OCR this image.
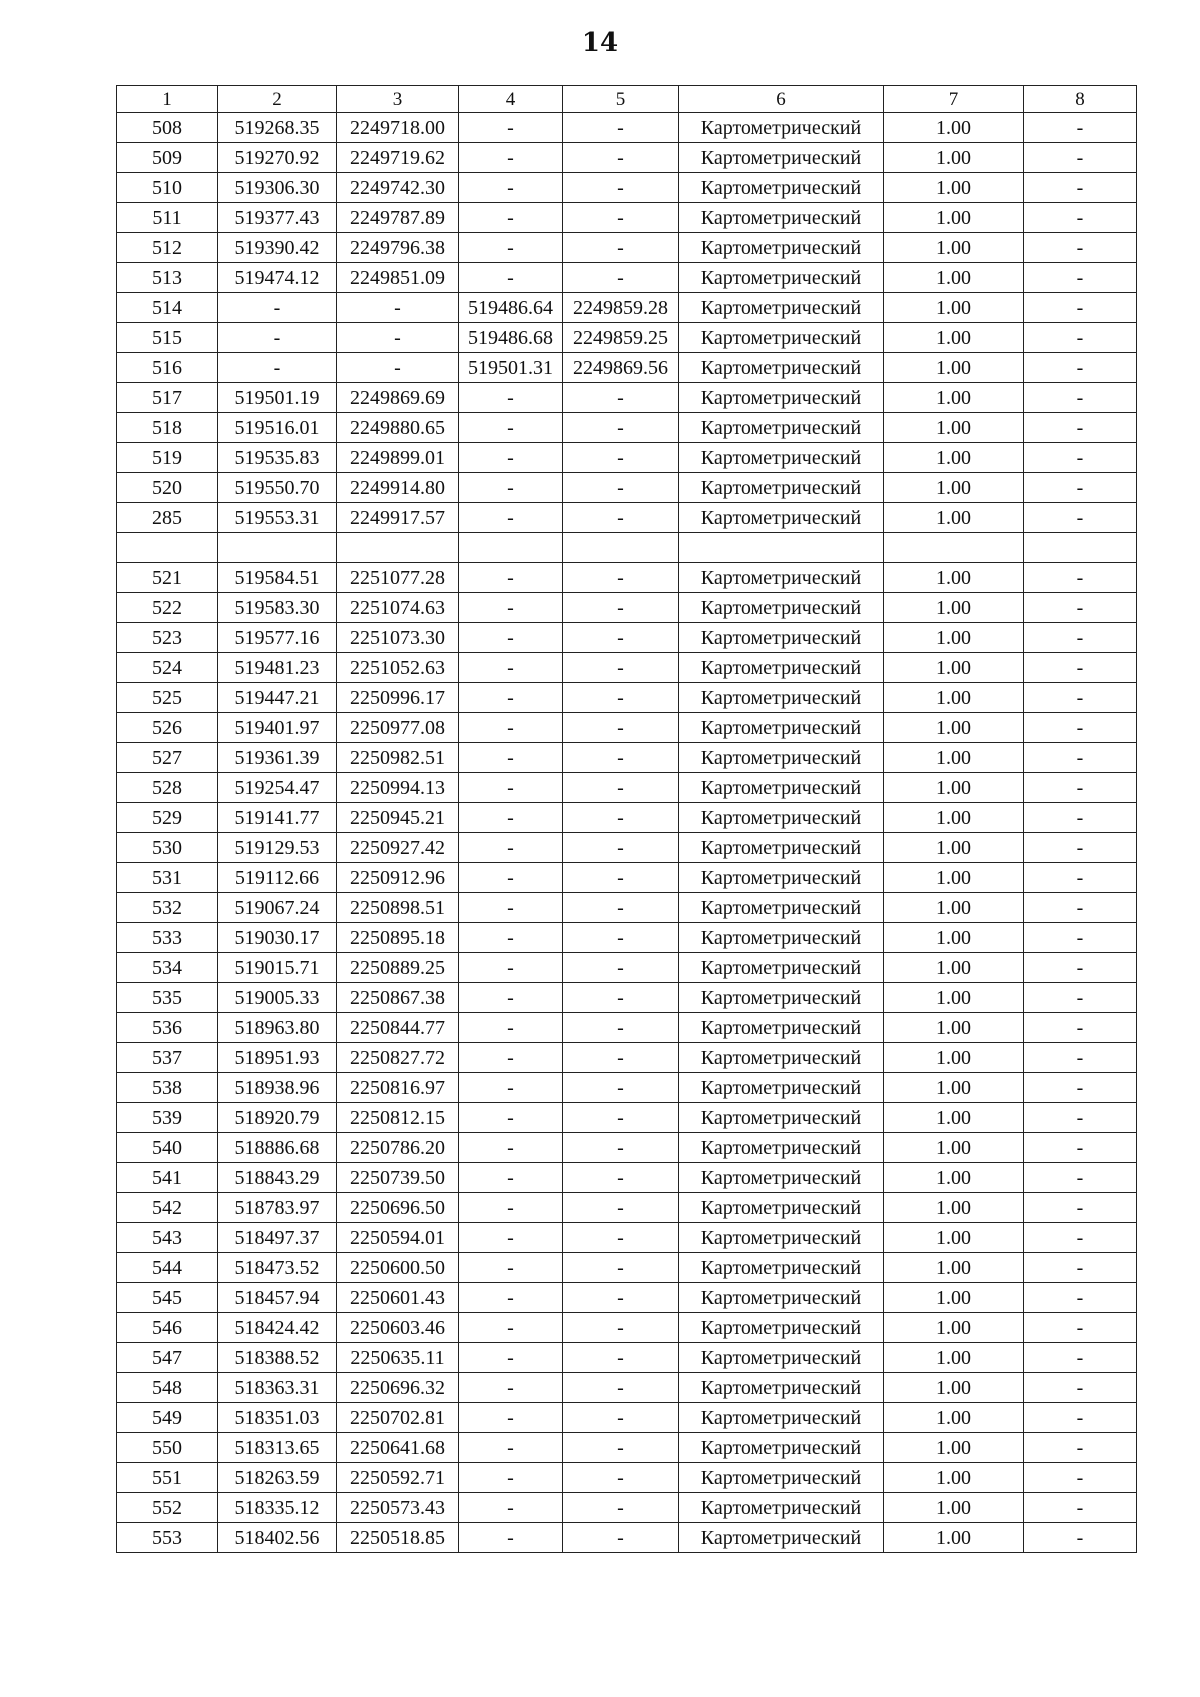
14
1	2	3	4	5	6	7	8
508	519268.35	2249718.00	-	-	Картометрический	1.00	-
509	519270.92	2249719.62	-	-	Картометрический	1.00	-
510	519306.30	2249742.30	-	-	Картометрический	1.00	-
511	519377.43	2249787.89	-	-	Картометрический	1.00	-
512	519390.42	2249796.38	-	-	Картометрический	1.00	-
513	519474.12	2249851.09	-	-	Картометрический	1.00	-
514	-	-	519486.64	2249859.28	Картометрический	1.00	-
515	-	-	519486.68	2249859.25	Картометрический	1.00	-
516	-	-	519501.31	2249869.56	Картометрический	1.00	-
517	519501.19	2249869.69	-	-	Картометрический	1.00	-
518	519516.01	2249880.65	-	-	Картометрический	1.00	-
519	519535.83	2249899.01	-	-	Картометрический	1.00	-
520	519550.70	2249914.80	-	-	Картометрический	1.00	-
285	519553.31	2249917.57	-	-	Картометрический	1.00	-

521	519584.51	2251077.28	-	-	Картометрический	1.00	-
522	519583.30	2251074.63	-	-	Картометрический	1.00	-
523	519577.16	2251073.30	-	-	Картометрический	1.00	-
524	519481.23	2251052.63	-	-	Картометрический	1.00	-
525	519447.21	2250996.17	-	-	Картометрический	1.00	-
526	519401.97	2250977.08	-	-	Картометрический	1.00	-
527	519361.39	2250982.51	-	-	Картометрический	1.00	-
528	519254.47	2250994.13	-	-	Картометрический	1.00	-
529	519141.77	2250945.21	-	-	Картометрический	1.00	-
530	519129.53	2250927.42	-	-	Картометрический	1.00	-
531	519112.66	2250912.96	-	-	Картометрический	1.00	-
532	519067.24	2250898.51	-	-	Картометрический	1.00	-
533	519030.17	2250895.18	-	-	Картометрический	1.00	-
534	519015.71	2250889.25	-	-	Картометрический	1.00	-
535	519005.33	2250867.38	-	-	Картометрический	1.00	-
536	518963.80	2250844.77	-	-	Картометрический	1.00	-
537	518951.93	2250827.72	-	-	Картометрический	1.00	-
538	518938.96	2250816.97	-	-	Картометрический	1.00	-
539	518920.79	2250812.15	-	-	Картометрический	1.00	-
540	518886.68	2250786.20	-	-	Картометрический	1.00	-
541	518843.29	2250739.50	-	-	Картометрический	1.00	-
542	518783.97	2250696.50	-	-	Картометрический	1.00	-
543	518497.37	2250594.01	-	-	Картометрический	1.00	-
544	518473.52	2250600.50	-	-	Картометрический	1.00	-
545	518457.94	2250601.43	-	-	Картометрический	1.00	-
546	518424.42	2250603.46	-	-	Картометрический	1.00	-
547	518388.52	2250635.11	-	-	Картометрический	1.00	-
548	518363.31	2250696.32	-	-	Картометрический	1.00	-
549	518351.03	2250702.81	-	-	Картометрический	1.00	-
550	518313.65	2250641.68	-	-	Картометрический	1.00	-
551	518263.59	2250592.71	-	-	Картометрический	1.00	-
552	518335.12	2250573.43	-	-	Картометрический	1.00	-
553	518402.56	2250518.85	-	-	Картометрический	1.00	-
